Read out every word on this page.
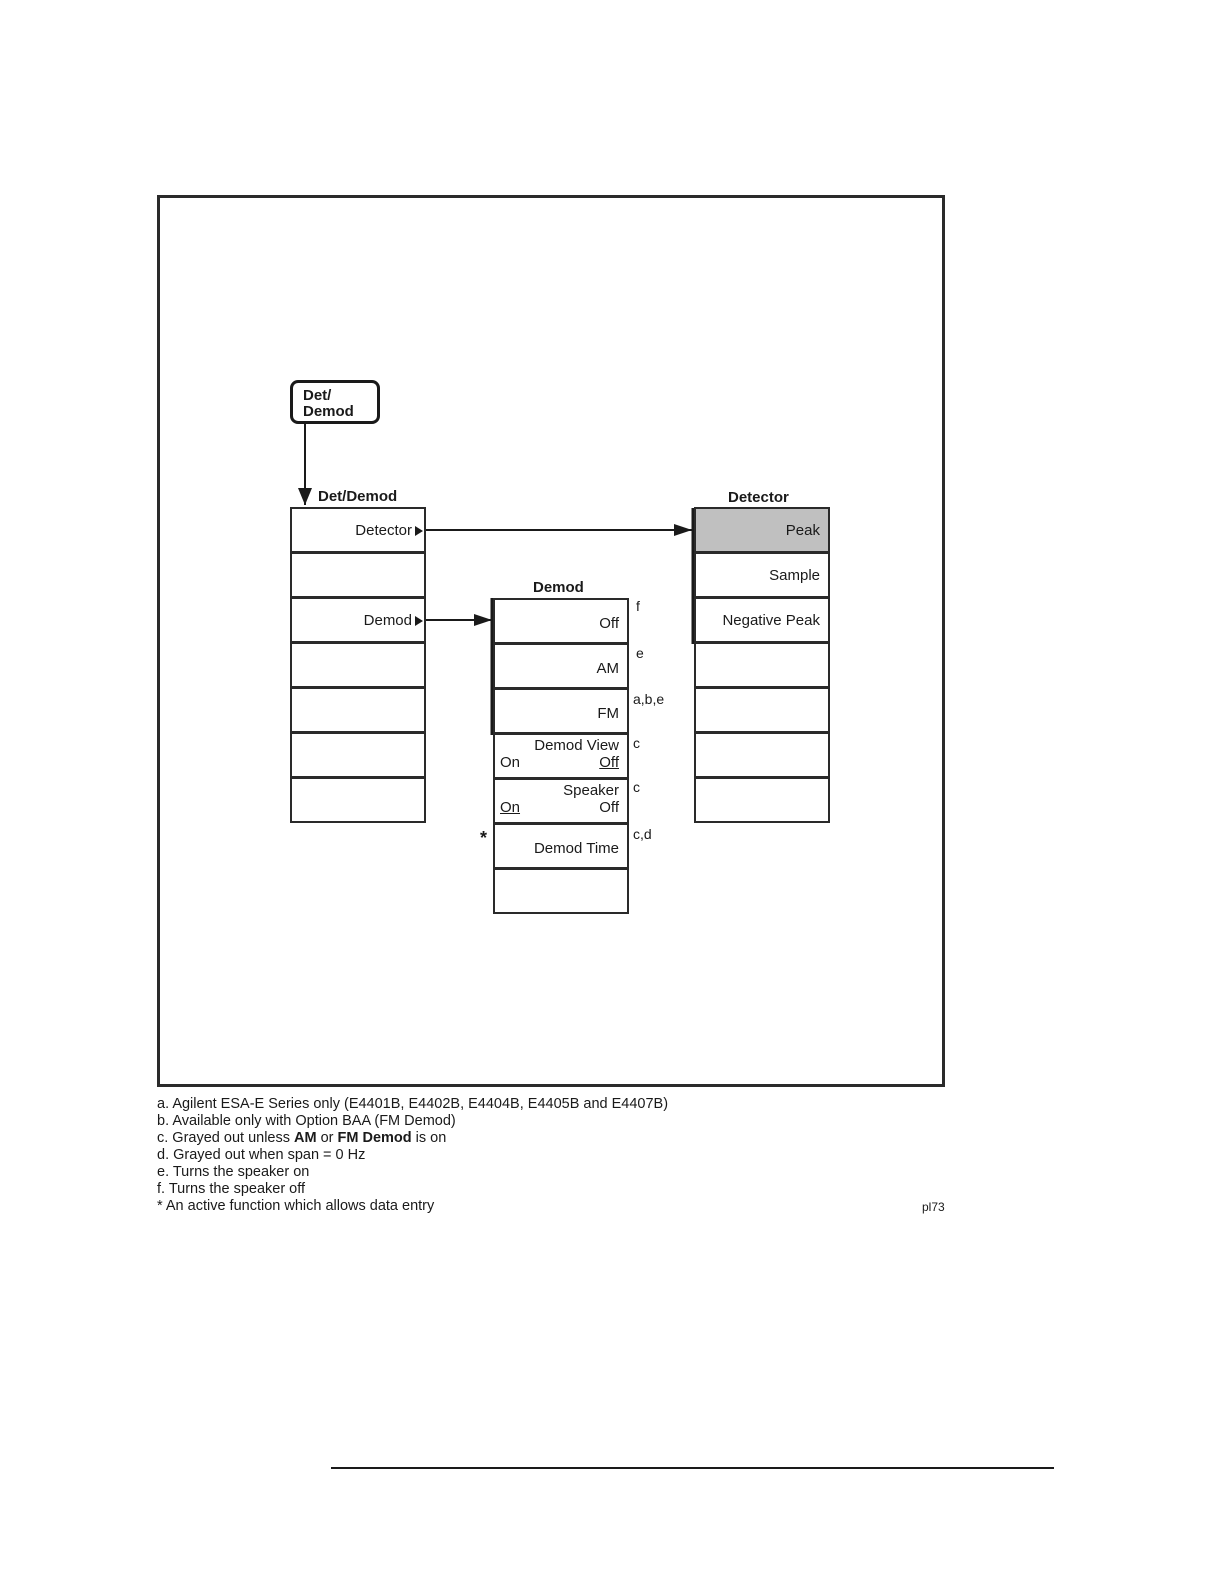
Det/
Demod
Det/Demod
Detector
Demod
Demod
Off
AM
FM
Demod View
On	Off
Speaker
On	Off
Demod Time
f
e
a,b,e
c
c
c,d
*
Detector
Peak
Sample
Negative Peak
a. Agilent ESA-E Series only (E4401B, E4402B, E4404B, E4405B and E4407B)
b. Available only with Option BAA (FM Demod)
c. Grayed out unless AM or FM Demod is on
d. Grayed out when span = 0 Hz
e. Turns the speaker on
f. Turns the speaker off
* An active function which allows data entry	pl73
